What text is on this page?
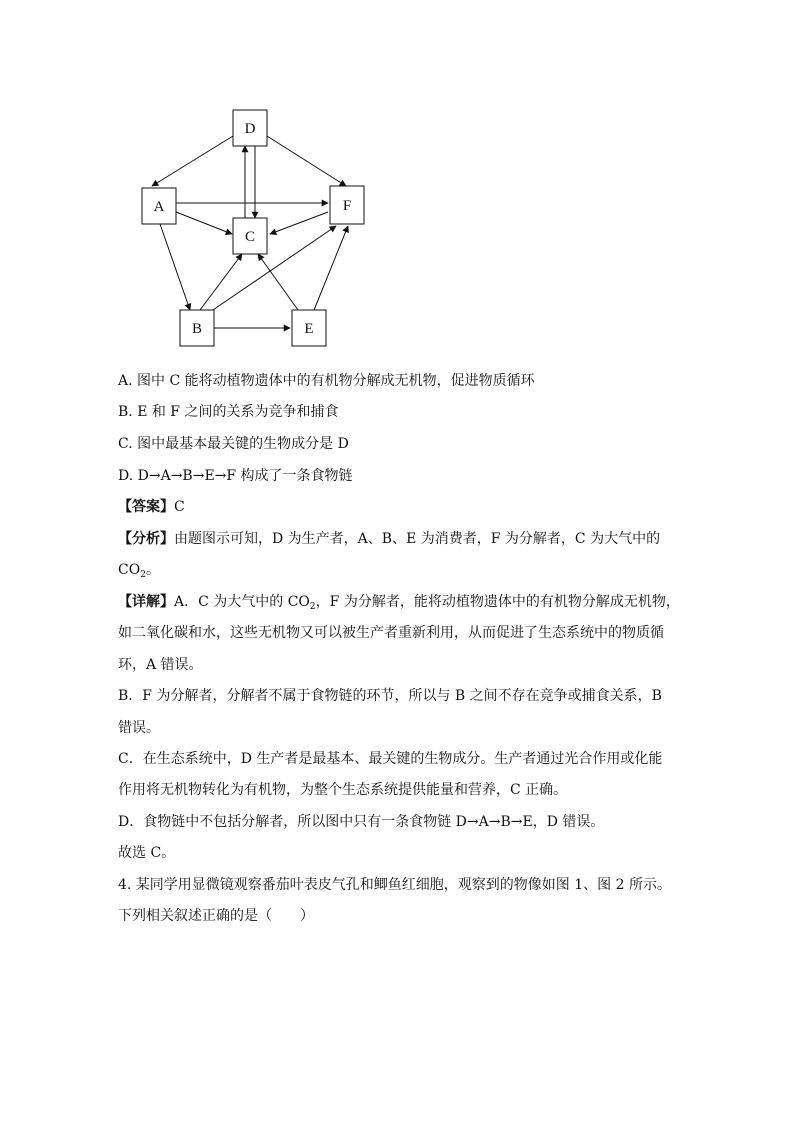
D
A	F
C
B	E
A. 图中 C 能将动植物遗体中的有机物分解成无机物，促进物质循环
B. E 和 F 之间的关系为竞争和捕食
C. 图中最基本最关键的生物成分是 D
D. D→A→B→E→F 构成了一条食物链
【答案】C
【分析】由题图示可知，D 为生产者，A、B、E 为消费者，F 为分解者，C 为大气中的
$CO_2$。
【详解】A．C 为大气中的 $CO_2$，F 为分解者，能将动植物遗体中的有机物分解成无机物，
如二氧化碳和水，这些无机物又可以被生产者重新利用，从而促进了生态系统中的物质循
环，A 错误。
B．F 为分解者，分解者不属于食物链的环节，所以与 B 之间不存在竞争或捕食关系，B
错误。
C．在生态系统中，D 生产者是最基本、最关键的生物成分。生产者通过光合作用或化能
作用将无机物转化为有机物，为整个生态系统提供能量和营养，C 正确。
D．食物链中不包括分解者，所以图中只有一条食物链 D→A→B→E，D 错误。
故选 C。
4. 某同学用显微镜观察番茄叶表皮气孔和鲫鱼红细胞，观察到的物像如图 1、图 2 所示。
下列相关叙述正确的是（　　）
